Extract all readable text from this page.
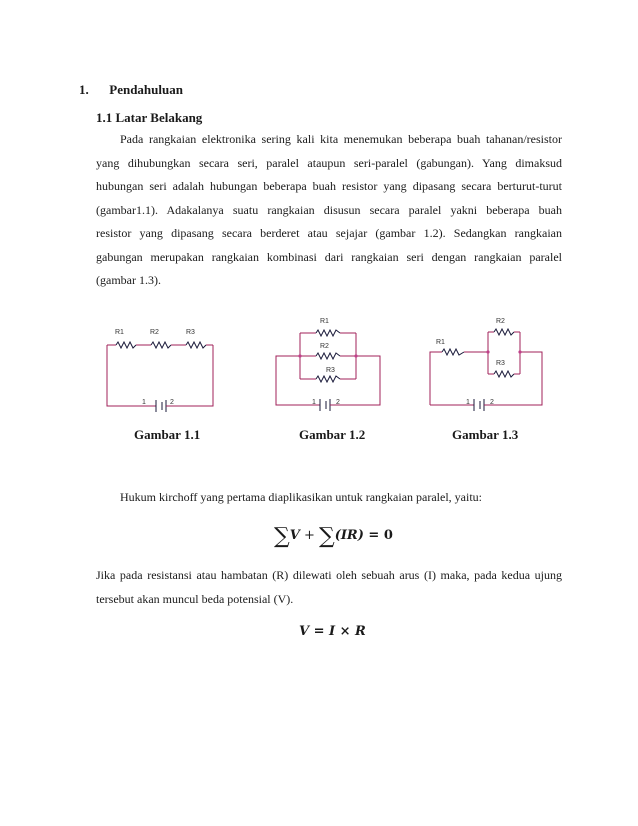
1. Pendahuluan
1.1 Latar Belakang
Pada rangkaian elektronika sering kali kita menemukan beberapa buah tahanan/resistor
yang dihubungkan secara seri, paralel ataupun seri-paralel (gabungan). Yang dimaksud
hubungan seri adalah hubungan beberapa buah resistor yang dipasang secara berturut-turut
(gambar1.1). Adakalanya suatu rangkaian disusun secara paralel yakni beberapa buah
resistor yang dipasang secara berderet atau sejajar (gambar 1.2). Sedangkan rangkaian
gabungan merupakan rangkaian kombinasi dari rangkaian seri dengan rangkaian paralel
(gambar 1.3).
R1	R2	R3
1	2
R1
R2
R3
1	2
R1
R2
R3
1	2
Gambar 1.1	Gambar 1.2	Gambar 1.3
Hukum kirchoff yang pertama diaplikasikan untuk rangkaian paralel, yaitu:
∑V + ∑(IR) = 0
Jika pada resistansi atau hambatan (R) dilewati oleh sebuah arus (I) maka, pada kedua ujung
tersebut akan muncul beda potensial (V).
V = I × R
